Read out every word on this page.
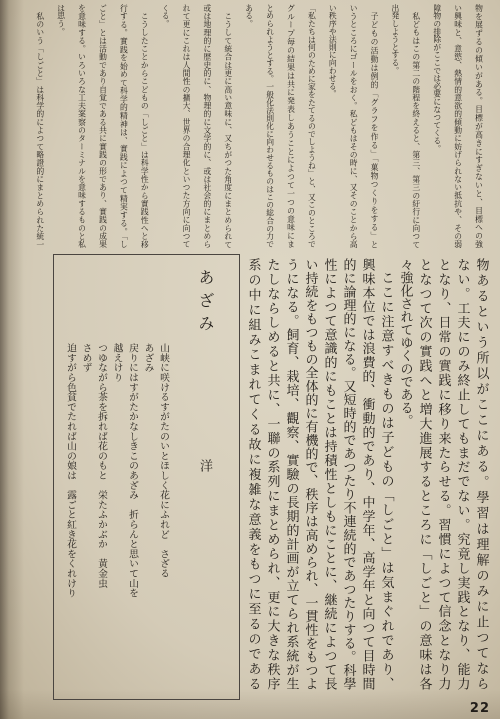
物を展ずるの傾いがある。目標が高きにすぎないと、目標への強
い興味と、意慾、熱情的意欲的傾動に妨げられない抵抗や、その弱
障物の排除がここでは必要になつてくる。
私どもはこの第二の階程を終えると、第三、第三の紆行に向つて
出発しようとする。
子どもの活動は例的「グラフを作る」「菓物つくりをする」と
いうところにゴールをおく。私どもはその時に、又そのことから高
い秩序や法則に向わせる。
「私たちは何のために家をたてるのでしようね」と、又このところで
グループ毎の結果は共に発表しあうことによつて一つの意味にま
とめられようとする。一般化法則化に向わせるものはこの総合の力で
ある。
こうして統合は更に高い意味に、又ちがつた角度にまとめられて
或は地理的に歴史的に、物理的に文学的に、或は社会的にまとめら
れて更にこれは人間性の擴大、世界の合理化といつた方向に向つて
くる。
こうしたことからこどもの「しごと」は科学性から實践性へと移
行する。實践を始めて科学的精神は、實践によつて精実する。「し
ごと」とは活動であり自覚である共に實践の形であり、實践の成果
を意味する。いろいろな工夫案察のターミナルを意味するものと私
は思う。
私のいう「しごと」は科学的によつて略證的にまとめられた統一
物あるという所以がここにある。學習は理解のみに止つてなら
ない。工夫にのみ終止してもまだでない。究竟し実践となり、能力
となり、日常の實践に移り来たらせる。習慣によつて信念となり力
となつて次の實践へと増大進展するところに「しごと」の意味は各
々強化されてゆくのである。
ここに注意すべきものは子どもの「しごと」は気まぐれであり、
興味本位では浪費的、衝動的であり、中学年、高学年と向つて目時間
的に論理的になる。又短時的であつたり不連続的であつたりする。科學
性によつて意識的にもことは持積性としもにことに、継続によつて長
い持続をもつもの全体的に有機的で、秩序は高められ、一貫性をもつよ
うになる。飼育、栽培、觀察、實驗の長期的計画が立てられ系統が生
たしならしめると共に、一聯の系列にまとめられ、更に大きな秩序
系の中に組みこまれてくる故に複雑な意義をもつに至るのである
あざみ
洋
山峡に咲けるすがたのいとほしく花にふれど　さざる
あざみ
戻りにはすがたかなしきこのあざみ　折らんと思いて山を
越えけり
つゆながら茶を拆れば花のもと　栄たふかぶか　黄金虫
さめず
迫すがら色貧でたれば山の娘は　露ごと紅き花をくれけり
22
